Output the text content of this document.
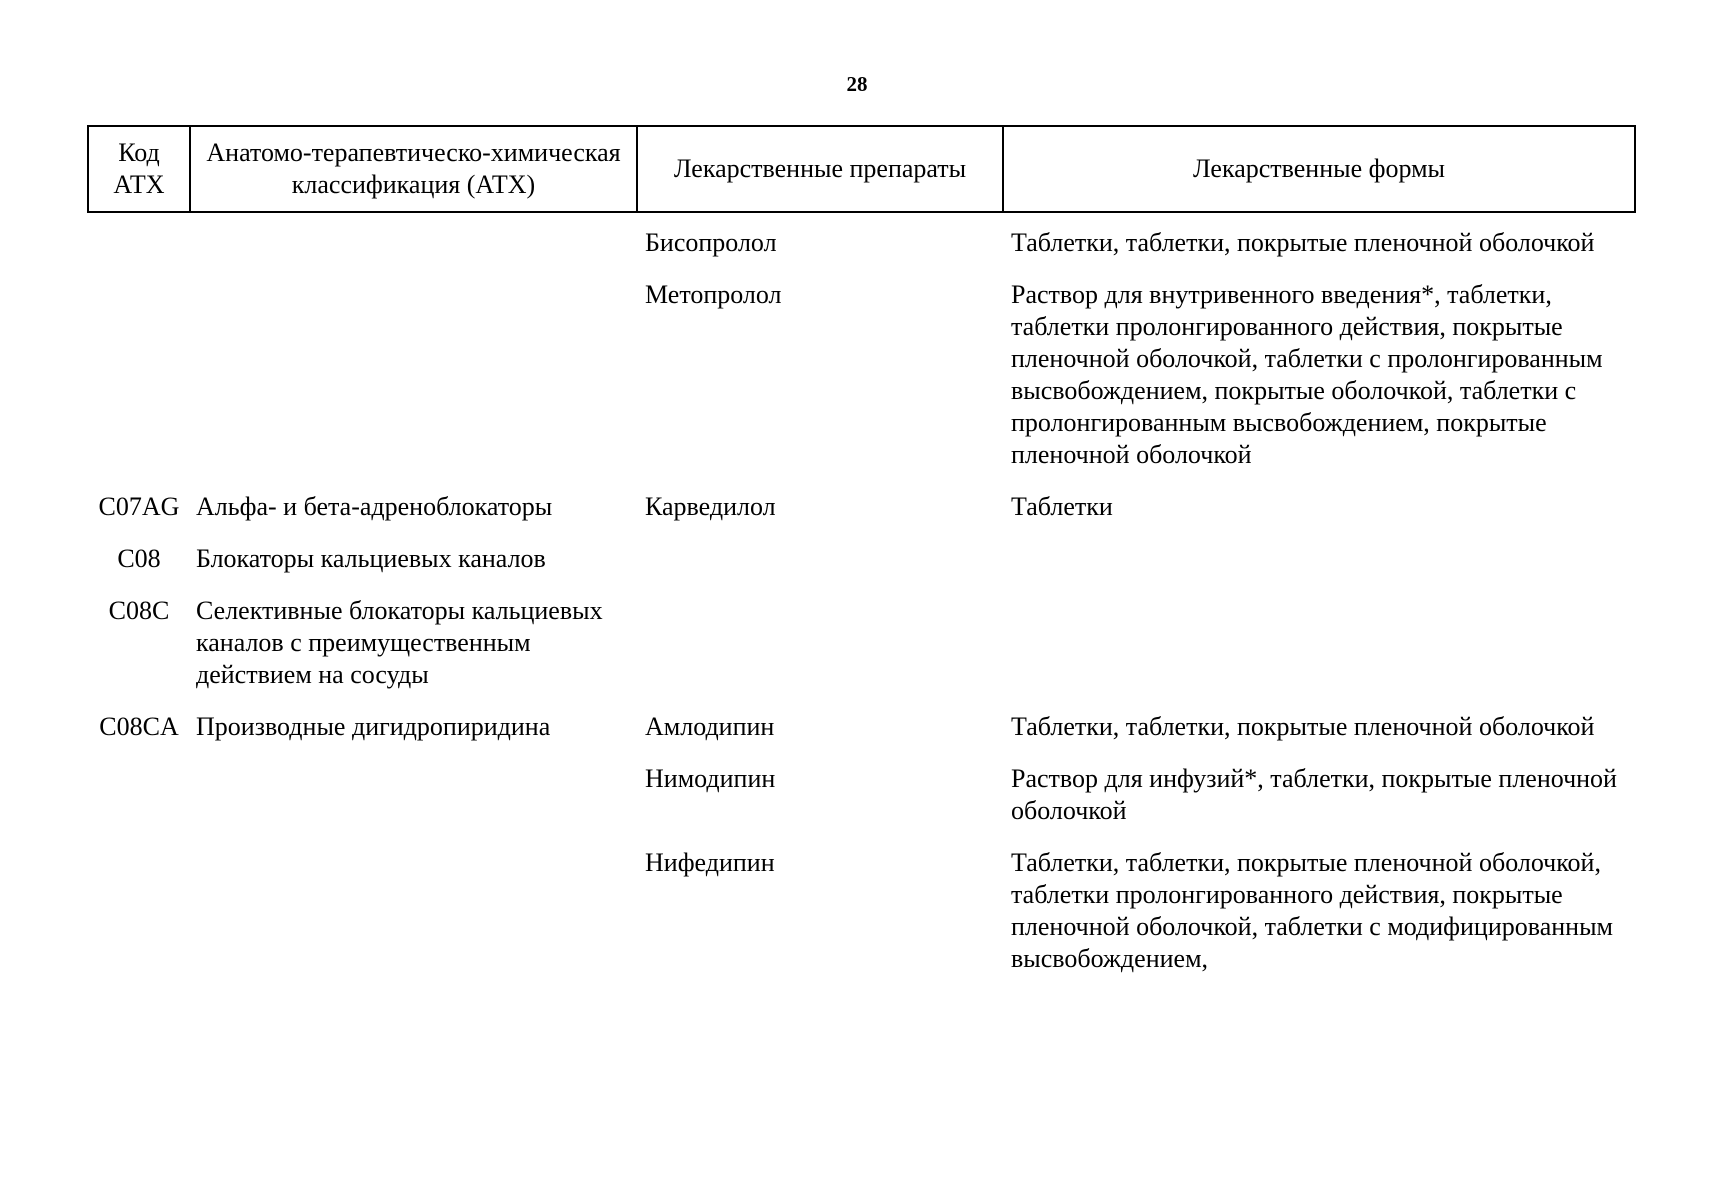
28
Код АТХ	Анатомо-терапевтическо-химическая классификация (АТХ)	Лекарственные препараты	Лекарственные формы
		Бисопролол	Таблетки, таблетки, покрытые пленочной оболочкой
		Метопролол	Раствор для внутривенного введения*, таблетки, таблетки пролонгированного действия, покрытые пленочной оболочкой, таблетки с пролонгированным высвобождением, покрытые оболочкой, таблетки с пролонгированным высвобождением, покрытые пленочной оболочкой
C07AG	Альфа- и бета-адреноблокаторы	Карведилол	Таблетки
C08	Блокаторы кальциевых каналов		
C08C	Селективные блокаторы кальциевых каналов с преимущественным действием на сосуды		
C08CA	Производные дигидропиридина	Амлодипин	Таблетки, таблетки, покрытые пленочной оболочкой
		Нимодипин	Раствор для инфузий*, таблетки, покрытые пленочной оболочкой
		Нифедипин	Таблетки, таблетки, покрытые пленочной оболочкой, таблетки пролонгированного действия, покрытые пленочной оболочкой, таблетки с модифицированным высвобождением,
